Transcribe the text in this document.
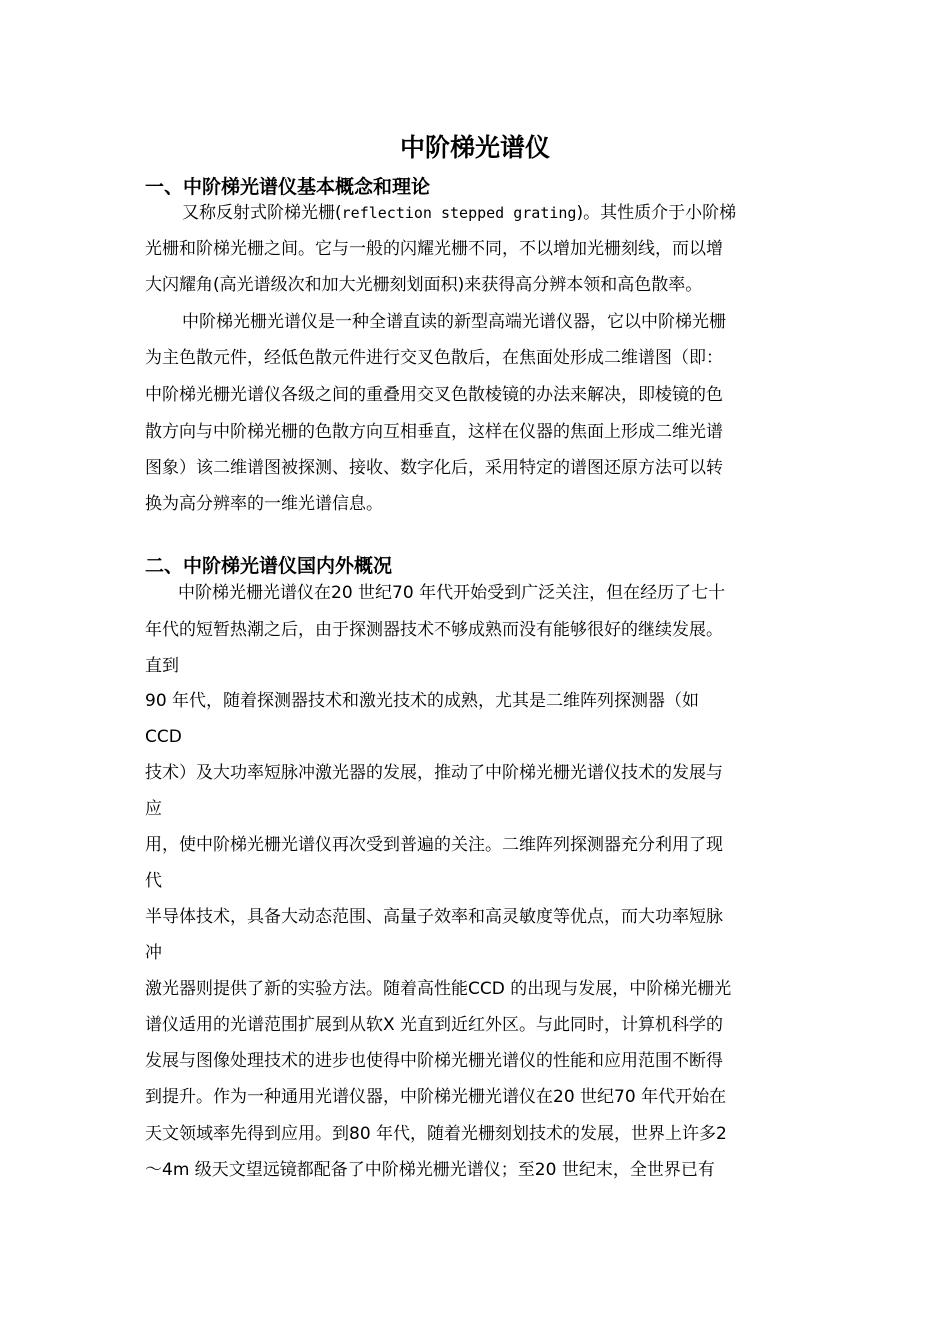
中阶梯光谱仪
一、中阶梯光谱仪基本概念和理论
又称反射式阶梯光栅(reflection stepped grating)。其性质介于小阶梯
光栅和阶梯光栅之间。它与一般的闪耀光栅不同，不以增加光栅刻线，而以增
大闪耀角(高光谱级次和加大光栅刻划面积)来获得高分辨本领和高色散率。
中阶梯光栅光谱仪是一种全谱直读的新型高端光谱仪器，它以中阶梯光栅
为主色散元件，经低色散元件进行交叉色散后，在焦面处形成二维谱图（即：
中阶梯光栅光谱仪各级之间的重叠用交叉色散棱镜的办法来解决，即棱镜的色
散方向与中阶梯光栅的色散方向互相垂直，这样在仪器的焦面上形成二维光谱
图象）该二维谱图被探测、接收、数字化后，采用特定的谱图还原方法可以转
换为高分辨率的一维光谱信息。
二、中阶梯光谱仪国内外概况
中阶梯光栅光谱仪在20 世纪70 年代开始受到广泛关注，但在经历了七十
年代的短暂热潮之后，由于探测器技术不够成熟而没有能够很好的继续发展。
直到
90 年代，随着探测器技术和激光技术的成熟，尤其是二维阵列探测器（如
CCD
技术）及大功率短脉冲激光器的发展，推动了中阶梯光栅光谱仪技术的发展与
应
用，使中阶梯光栅光谱仪再次受到普遍的关注。二维阵列探测器充分利用了现
代
半导体技术，具备大动态范围、高量子效率和高灵敏度等优点，而大功率短脉
冲
激光器则提供了新的实验方法。随着高性能CCD 的出现与发展，中阶梯光栅光
谱仪适用的光谱范围扩展到从软X 光直到近红外区。与此同时，计算机科学的
发展与图像处理技术的进步也使得中阶梯光栅光谱仪的性能和应用范围不断得
到提升。作为一种通用光谱仪器，中阶梯光栅光谱仪在20 世纪70 年代开始在
天文领域率先得到应用。到80 年代，随着光栅刻划技术的发展，世界上许多2
～4m 级天文望远镜都配备了中阶梯光栅光谱仪；至20 世纪末，全世界已有
